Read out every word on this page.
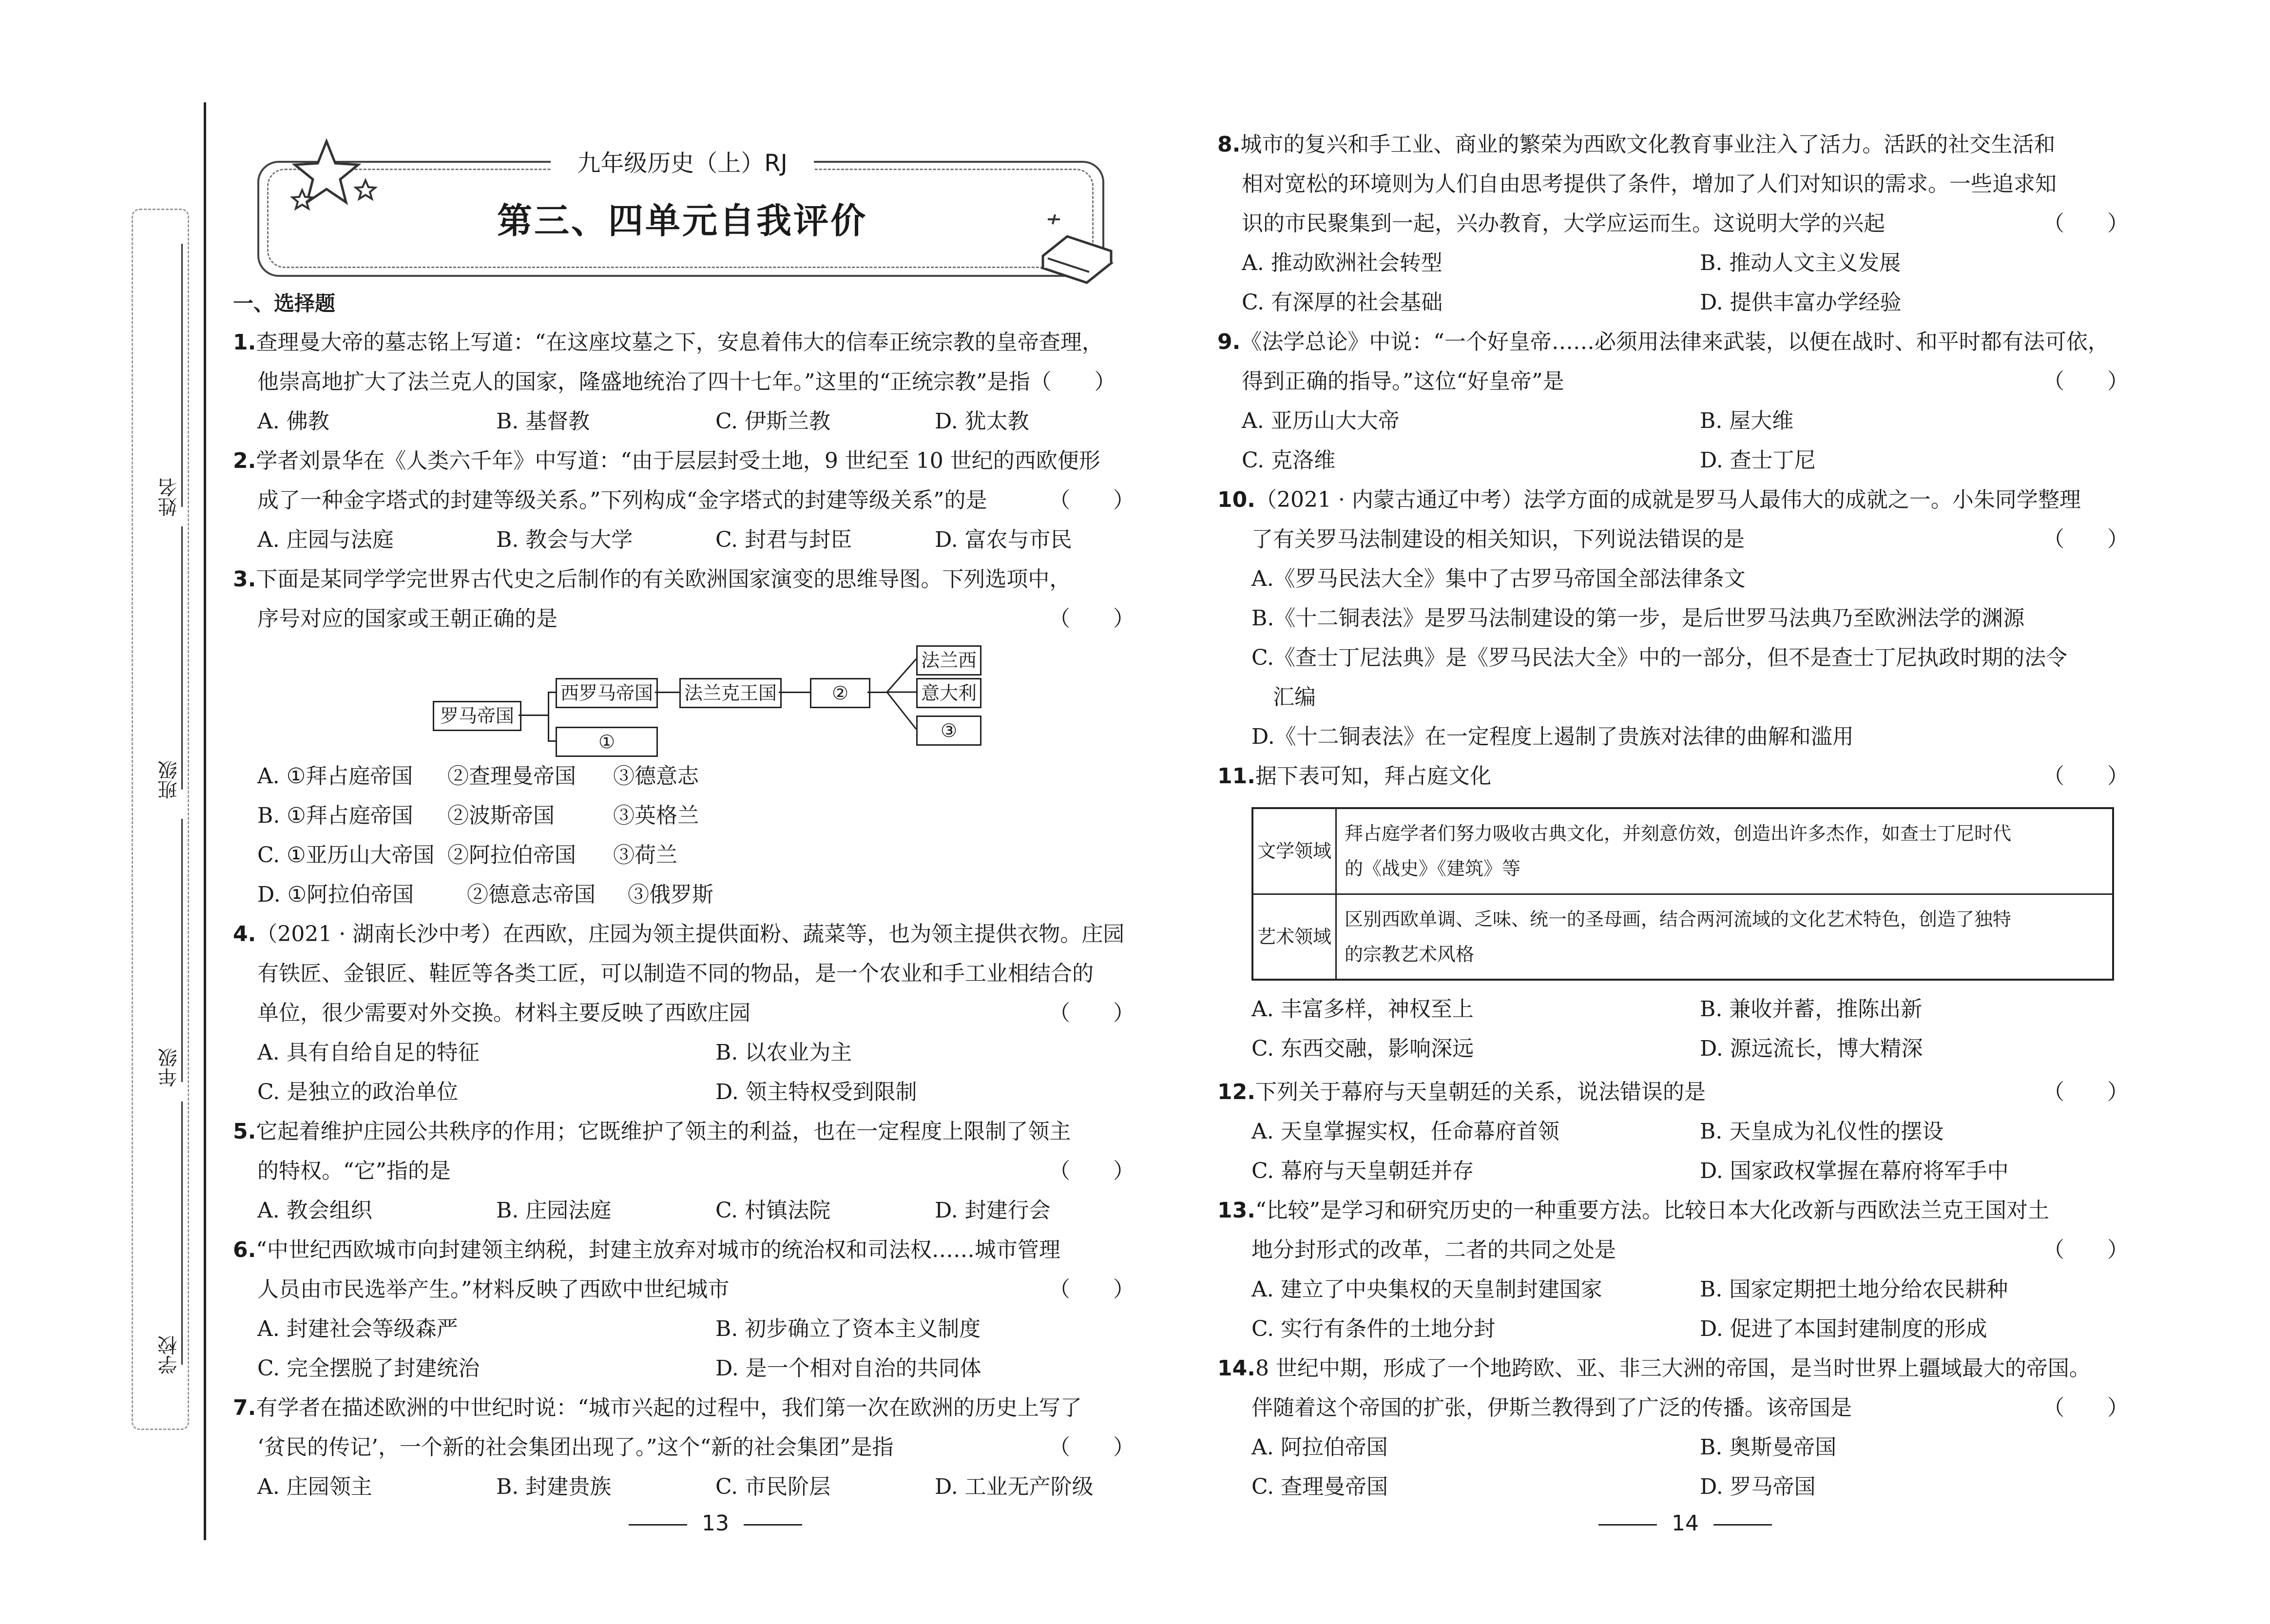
姓名
班级
年级
学校
九年级历史（上）RJ
第三、四单元自我评价
一、选择题
1.查理曼大帝的墓志铭上写道：“在这座坟墓之下，安息着伟大的信奉正统宗教的皇帝查理，
他崇高地扩大了法兰克人的国家，隆盛地统治了四十七年。”这里的“正统宗教”是指（　　）
A. 佛教	B. 基督教	C. 伊斯兰教	D. 犹太教
2.学者刘景华在《人类六千年》中写道：“由于层层封受土地，9 世纪至 10 世纪的西欧便形
成了一种金字塔式的封建等级关系。”下列构成“金字塔式的封建等级关系”的是	（　　）
A. 庄园与法庭	B. 教会与大学	C. 封君与封臣	D. 富农与市民
3.下面是某同学学完世界古代史之后制作的有关欧洲国家演变的思维导图。下列选项中，
序号对应的国家或王朝正确的是	（　　）
A. ①拜占庭帝国 ②查理曼帝国 ③德意志
B. ①拜占庭帝国 ②波斯帝国	③英格兰
C. ①亚历山大帝国 ②阿拉伯帝国 ③荷兰
D. ①阿拉伯帝国 ②德意志帝国 ③俄罗斯
4.（2021 · 湖南长沙中考）在西欧，庄园为领主提供面粉、蔬菜等，也为领主提供衣物。庄园
有铁匠、金银匠、鞋匠等各类工匠，可以制造不同的物品，是一个农业和手工业相结合的
单位，很少需要对外交换。材料主要反映了西欧庄园	（　　）
A. 具有自给自足的特征	B. 以农业为主
C. 是独立的政治单位	D. 领主特权受到限制
5.它起着维护庄园公共秩序的作用；它既维护了领主的利益，也在一定程度上限制了领主
的特权。“它”指的是	（　　）
A. 教会组织	B. 庄园法庭	C. 村镇法院	D. 封建行会
6.“中世纪西欧城市向封建领主纳税，封建主放弃对城市的统治权和司法权……城市管理
人员由市民选举产生。”材料反映了西欧中世纪城市	（　　）
A. 封建社会等级森严	B. 初步确立了资本主义制度
C. 完全摆脱了封建统治	D. 是一个相对自治的共同体
7.有学者在描述欧洲的中世纪时说：“城市兴起的过程中，我们第一次在欧洲的历史上写了
‘贫民的传记’，一个新的社会集团出现了。”这个“新的社会集团”是指	（　　）
A. 庄园领主	B. 封建贵族	C. 市民阶层	D. 工业无产阶级
罗马帝国
西罗马帝国
①
法兰克王国	②
法兰西
意大利
③
8.城市的复兴和手工业、商业的繁荣为西欧文化教育事业注入了活力。活跃的社交生活和
相对宽松的环境则为人们自由思考提供了条件，增加了人们对知识的需求。一些追求知
识的市民聚集到一起，兴办教育，大学应运而生。这说明大学的兴起	（　　）
A. 推动欧洲社会转型	B. 推动人文主义发展
C. 有深厚的社会基础	D. 提供丰富办学经验
9.《法学总论》中说：“一个好皇帝……必须用法律来武装，以便在战时、和平时都有法可依，
得到正确的指导。”这位“好皇帝”是	（　　）
A. 亚历山大大帝	B. 屋大维
C. 克洛维	D. 查士丁尼
10.（2021 · 内蒙古通辽中考）法学方面的成就是罗马人最伟大的成就之一。小朱同学整理
了有关罗马法制建设的相关知识，下列说法错误的是	（　　）
A.《罗马民法大全》集中了古罗马帝国全部法律条文
B.《十二铜表法》是罗马法制建设的第一步，是后世罗马法典乃至欧洲法学的渊源
C.《查士丁尼法典》是《罗马民法大全》中的一部分，但不是查士丁尼执政时期的法令
　汇编
D.《十二铜表法》在一定程度上遏制了贵族对法律的曲解和滥用
11.据下表可知，拜占庭文化	（　　）
A. 丰富多样，神权至上	B. 兼收并蓄，推陈出新
C. 东西交融，影响深远	D. 源远流长，博大精深
12.下列关于幕府与天皇朝廷的关系，说法错误的是	（　　）
A. 天皇掌握实权，任命幕府首领	B. 天皇成为礼仪性的摆设
C. 幕府与天皇朝廷并存	D. 国家政权掌握在幕府将军手中
13.“比较”是学习和研究历史的一种重要方法。比较日本大化改新与西欧法兰克王国对土
地分封形式的改革，二者的共同之处是	（　　）
A. 建立了中央集权的天皇制封建国家	B. 国家定期把土地分给农民耕种
C. 实行有条件的土地分封	D. 促进了本国封建制度的形成
14.8 世纪中期，形成了一个地跨欧、亚、非三大洲的帝国，是当时世界上疆域最大的帝国。
伴随着这个帝国的扩张，伊斯兰教得到了广泛的传播。该帝国是	（　　）
A. 阿拉伯帝国	B. 奥斯曼帝国
C. 查理曼帝国	D. 罗马帝国
文学领域	拜占庭学者们努力吸收古典文化，并刻意仿效，创造出许多杰作，如查士丁尼时代
的《战史》《建筑》等

艺术领域	区别西欧单调、乏味、统一的圣母画，结合两河流域的文化艺术特色，创造了独特
的宗教艺术风格
13	14
